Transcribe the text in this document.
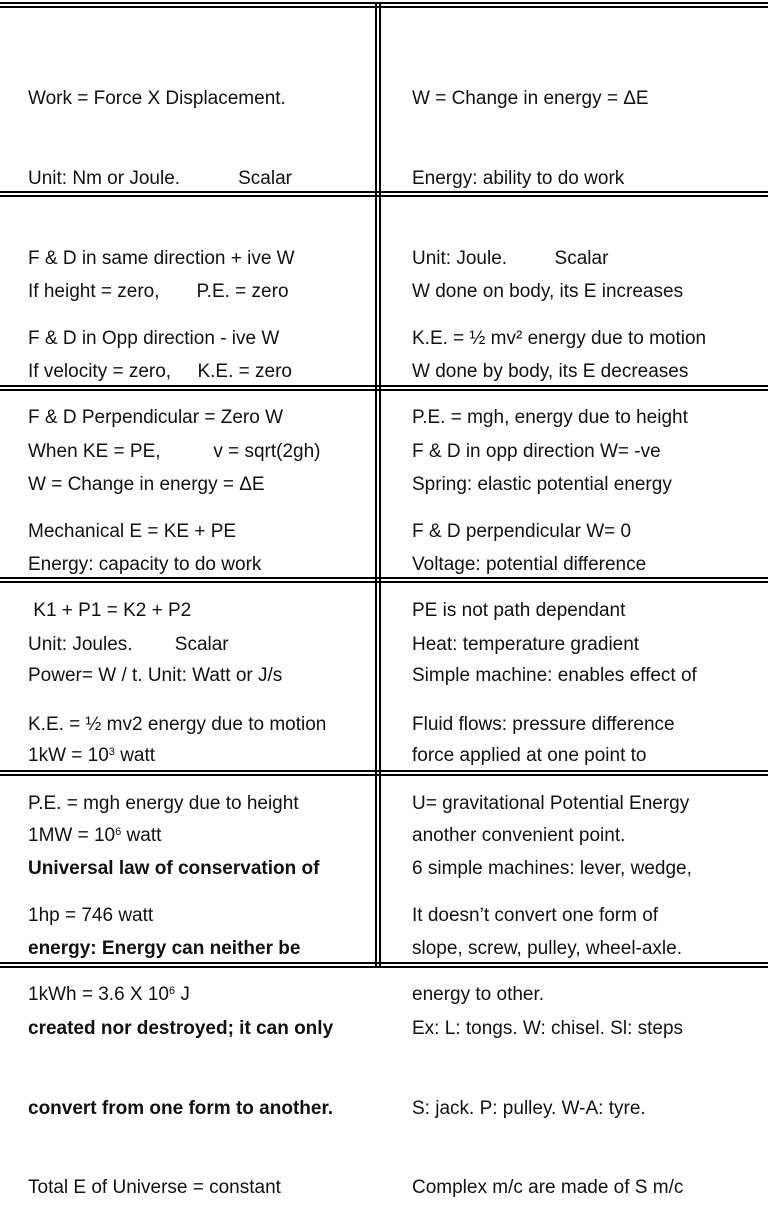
Work = Force X Displacement.

Unit: Nm or Joule.           Scalar

F & D in same direction + ive W

F & D in Opp direction - ive W

F & D Perpendicular = Zero W

W = Change in energy = ΔE

Energy: ability to do work

Unit: Joule.         Scalar

K.E. = ½ mv² energy due to motion

P.E. = mgh, energy due to height

If height = zero,       P.E. = zero

If velocity = zero,     K.E. = zero

When KE = PE,          v = sqrt(2gh)

Mechanical E = KE + PE

K1 + P1 = K2 + P2

W done on body, its E increases

W done by body, its E decreases

F & D in opp direction W= -ve

F & D perpendicular W= 0

PE is not path dependant

W = Change in energy = ΔE

Energy: capacity to do work

Unit: Joules.        Scalar

K.E. = ½ mv2 energy due to motion

P.E. = mgh energy due to height

Spring: elastic potential energy

Voltage: potential difference

Heat: temperature gradient

Fluid flows: pressure difference

U= gravitational Potential Energy

Power= W / t. Unit: Watt or J/s

$1kW = 10^3$ watt

$1MW = 10^6$ watt

1hp = 746 watt

1kWh = 3.6 X $10^6$ J

Simple machine: enables effect of

force applied at one point to

another convenient point.

It doesn’t convert one form of

energy to other.

Universal law of conservation of

energy: Energy can neither be

created nor destroyed; it can only

convert from one form to another.

Total E of Universe = constant

6 simple machines: lever, wedge,

slope, screw, pulley, wheel-axle.

Ex: L: tongs. W: chisel. Sl: steps

S: jack. P: pulley. W-A: tyre.

Complex m/c are made of S m/c
